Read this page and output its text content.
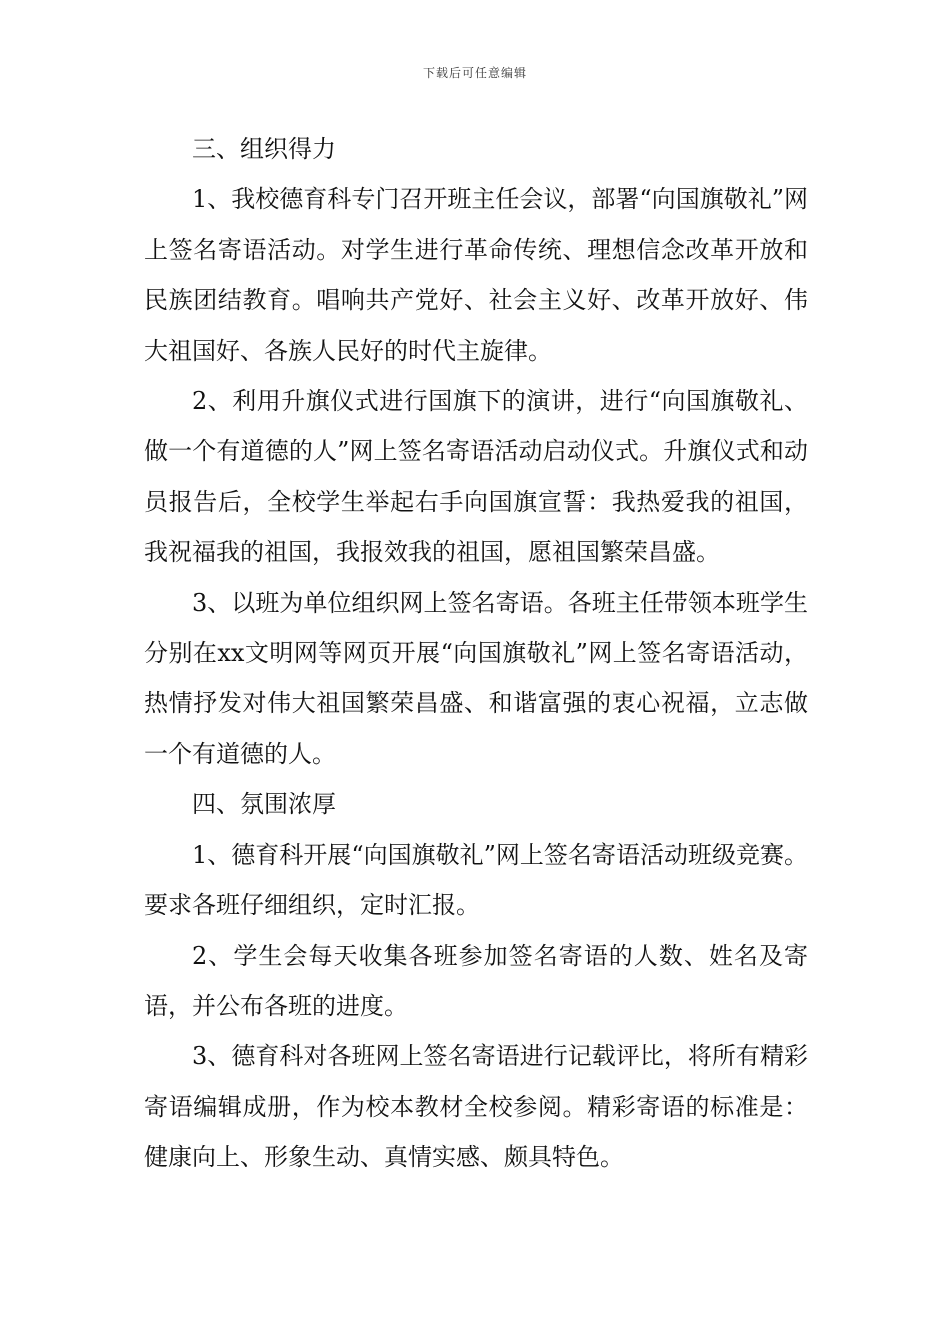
下载后可任意编辑

三、组织得力

1、我校德育科专门召开班主任会议，部署“向国旗敬礼”网上签名寄语活动。对学生进行革命传统、理想信念改革开放和民族团结教育。唱响共产党好、社会主义好、改革开放好、伟大祖国好、各族人民好的时代主旋律。

2、利用升旗仪式进行国旗下的演讲，进行“向国旗敬礼、做一个有道德的人”网上签名寄语活动启动仪式。升旗仪式和动员报告后，全校学生举起右手向国旗宣誓：我热爱我的祖国，我祝福我的祖国，我报效我的祖国，愿祖国繁荣昌盛。

3、以班为单位组织网上签名寄语。各班主任带领本班学生分别在xx文明网等网页开展“向国旗敬礼”网上签名寄语活动，热情抒发对伟大祖国繁荣昌盛、和谐富强的衷心祝福，立志做一个有道德的人。

四、氛围浓厚

1、德育科开展“向国旗敬礼”网上签名寄语活动班级竞赛。要求各班仔细组织，定时汇报。

2、学生会每天收集各班参加签名寄语的人数、姓名及寄语，并公布各班的进度。

3、德育科对各班网上签名寄语进行记载评比，将所有精彩寄语编辑成册，作为校本教材全校参阅。精彩寄语的标准是：健康向上、形象生动、真情实感、颇具特色。
